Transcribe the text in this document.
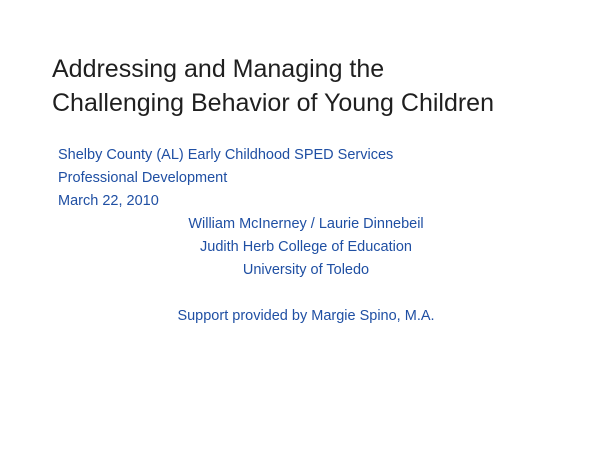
Addressing and Managing the
Challenging Behavior of Young Children
Shelby County (AL) Early Childhood SPED Services
Professional Development
March 22, 2010
William McInerney / Laurie Dinnebeil
Judith Herb College of Education
University of Toledo
Support provided by Margie Spino, M.A.
